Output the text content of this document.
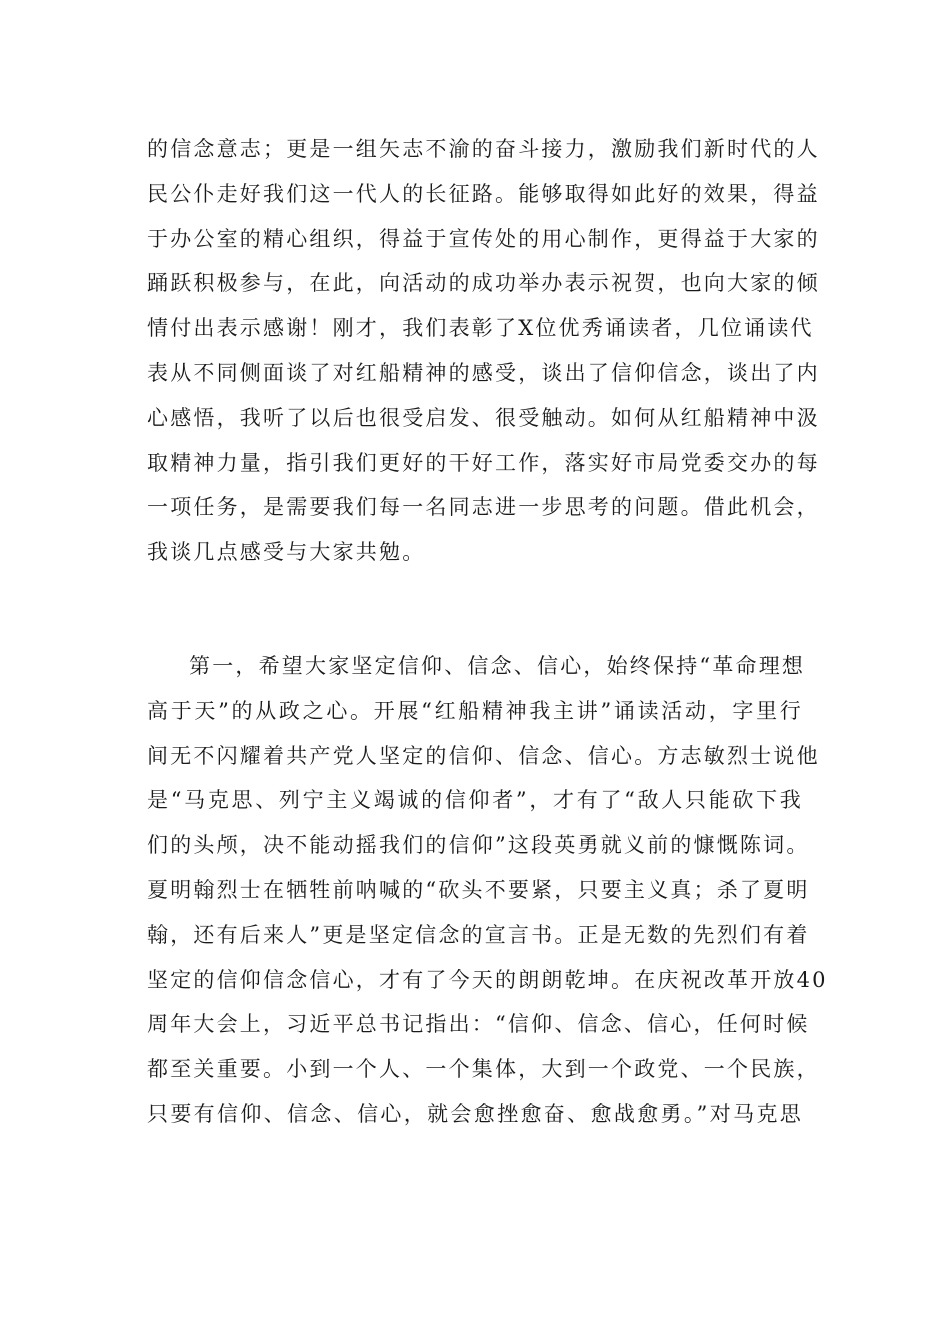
的信念意志；更是一组矢志不渝的奋斗接力，激励我们新时代的人
民公仆走好我们这一代人的长征路。能够取得如此好的效果，得益
于办公室的精心组织，得益于宣传处的用心制作，更得益于大家的
踊跃积极参与，在此，向活动的成功举办表示祝贺，也向大家的倾
情付出表示感谢！刚才，我们表彰了X位优秀诵读者，几位诵读代
表从不同侧面谈了对红船精神的感受，谈出了信仰信念，谈出了内
心感悟，我听了以后也很受启发、很受触动。如何从红船精神中汲
取精神力量，指引我们更好的干好工作，落实好市局党委交办的每
一项任务，是需要我们每一名同志进一步思考的问题。借此机会，
我谈几点感受与大家共勉。
第一，希望大家坚定信仰、信念、信心，始终保持“革命理想
高于天”的从政之心。开展“红船精神我主讲”诵读活动，字里行
间无不闪耀着共产党人坚定的信仰、信念、信心。方志敏烈士说他
是“马克思、列宁主义竭诚的信仰者”，才有了“敌人只能砍下我
们的头颅，决不能动摇我们的信仰”这段英勇就义前的慷慨陈词。
夏明翰烈士在牺牲前呐喊的“砍头不要紧，只要主义真；杀了夏明
翰，还有后来人”更是坚定信念的宣言书。正是无数的先烈们有着
坚定的信仰信念信心，才有了今天的朗朗乾坤。在庆祝改革开放40
周年大会上，习近平总书记指出：“信仰、信念、信心，任何时候
都至关重要。小到一个人、一个集体，大到一个政党、一个民族，
只要有信仰、信念、信心，就会愈挫愈奋、愈战愈勇。”对马克思
